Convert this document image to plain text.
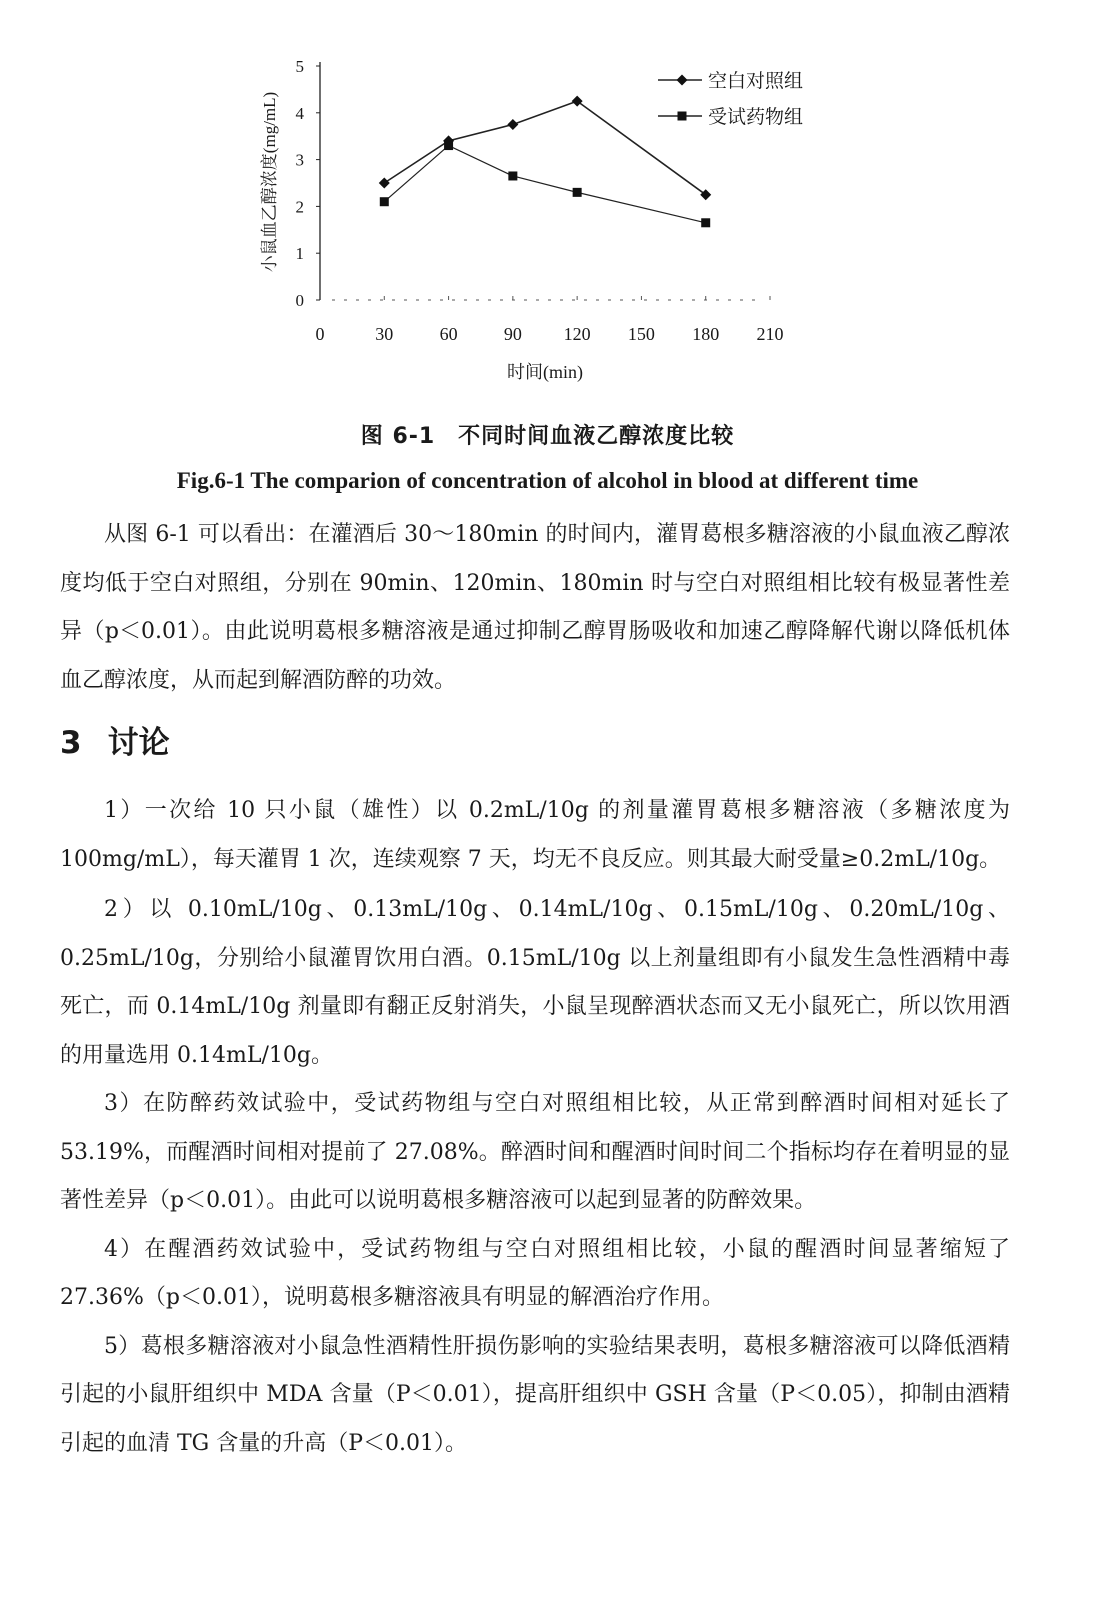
0
1
2
3
4
5
0	30	60	90 120 150 180 210
空白对照组
受试药物组
小鼠血乙醇浓度(mg/mL)
时间(min)
图 6-1　不同时间血液乙醇浓度比较
Fig.6-1 The comparion of concentration of alcohol in blood at different time

从图 6-1 可以看出：在灌酒后 30～180min 的时间内，灌胃葛根多糖溶液的小鼠血液乙醇浓度均低于空白对照组，分别在 90min、120min、180min 时与空白对照组相比较有极显著性差异（p＜0.01）。由此说明葛根多糖溶液是通过抑制乙醇胃肠吸收和加速乙醇降解代谢以降低机体血乙醇浓度，从而起到解酒防醉的功效。

3 讨论

1）一次给 10 只小鼠（雄性）以 0.2mL/10g 的剂量灌胃葛根多糖溶液（多糖浓度为 100mg/mL），每天灌胃 1 次，连续观察 7 天，均无不良反应。则其最大耐受量≥0.2mL/10g。

2）以 0.10mL/10g、0.13mL/10g、0.14mL/10g、0.15mL/10g、0.20mL/10g、0.25mL/10g，分别给小鼠灌胃饮用白酒。0.15mL/10g 以上剂量组即有小鼠发生急性酒精中毒死亡，而 0.14mL/10g 剂量即有翻正反射消失，小鼠呈现醉酒状态而又无小鼠死亡，所以饮用酒的用量选用 0.14mL/10g。

3）在防醉药效试验中，受试药物组与空白对照组相比较，从正常到醉酒时间相对延长了 53.19%，而醒酒时间相对提前了 27.08%。醉酒时间和醒酒时间时间二个指标均存在着明显的显著性差异（p＜0.01）。由此可以说明葛根多糖溶液可以起到显著的防醉效果。

4）在醒酒药效试验中，受试药物组与空白对照组相比较，小鼠的醒酒时间显著缩短了 27.36%（p＜0.01），说明葛根多糖溶液具有明显的解酒治疗作用。

5）葛根多糖溶液对小鼠急性酒精性肝损伤影响的实验结果表明，葛根多糖溶液可以降低酒精引起的小鼠肝组织中 MDA 含量（P＜0.01），提高肝组织中 GSH 含量（P＜0.05），抑制由酒精引起的血清 TG 含量的升高（P＜0.01）。
